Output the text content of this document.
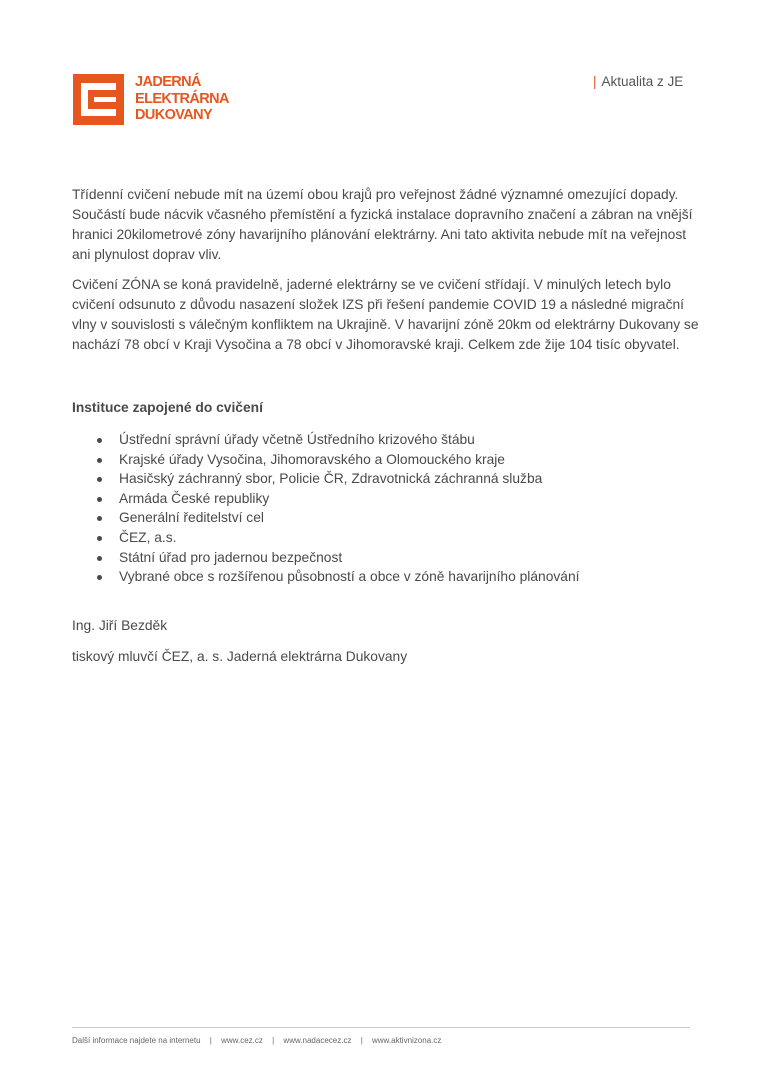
JADERNÁ
ELEKTRÁRNA
DUKOVANY
| Aktualita z JE

Třídenní cvičení nebude mít na území obou krajů pro veřejnost žádné významné omezující dopady. Součástí bude nácvik včasného přemístění a fyzická instalace dopravního značení a zábran na vnější hranici 20kilometrové zóny havarijního plánování elektrárny. Ani tato aktivita nebude mít na veřejnost ani plynulost doprav vliv.

Cvičení ZÓNA se koná pravidelně, jaderné elektrárny se ve cvičení střídají. V minulých letech bylo cvičení odsunuto z důvodu nasazení složek IZS při řešení pandemie COVID 19 a následné migrační vlny v souvislosti s válečným konfliktem na Ukrajině. V havarijní zóně 20km od elektrárny Dukovany se nachází 78 obcí v Kraji Vysočina a 78 obcí v Jihomoravské kraji. Celkem zde žije 104 tisíc obyvatel.

Instituce zapojené do cvičení
Ústřední správní úřady včetně Ústředního krizového štábu
Krajské úřady Vysočina, Jihomoravského a Olomouckého kraje
Hasičský záchranný sbor, Policie ČR, Zdravotnická záchranná služba
Armáda České republiky
Generální ředitelství cel
ČEZ, a.s.
Státní úřad pro jadernou bezpečnost
Vybrané obce s rozšířenou působností a obce v zóně havarijního plánování
Ing. Jiří Bezděk
tiskový mluvčí ČEZ, a. s. Jaderná elektrárna Dukovany
Další informace najdete na internetu | www.cez.cz | www.nadacecez.cz | www.aktivnizona.cz
